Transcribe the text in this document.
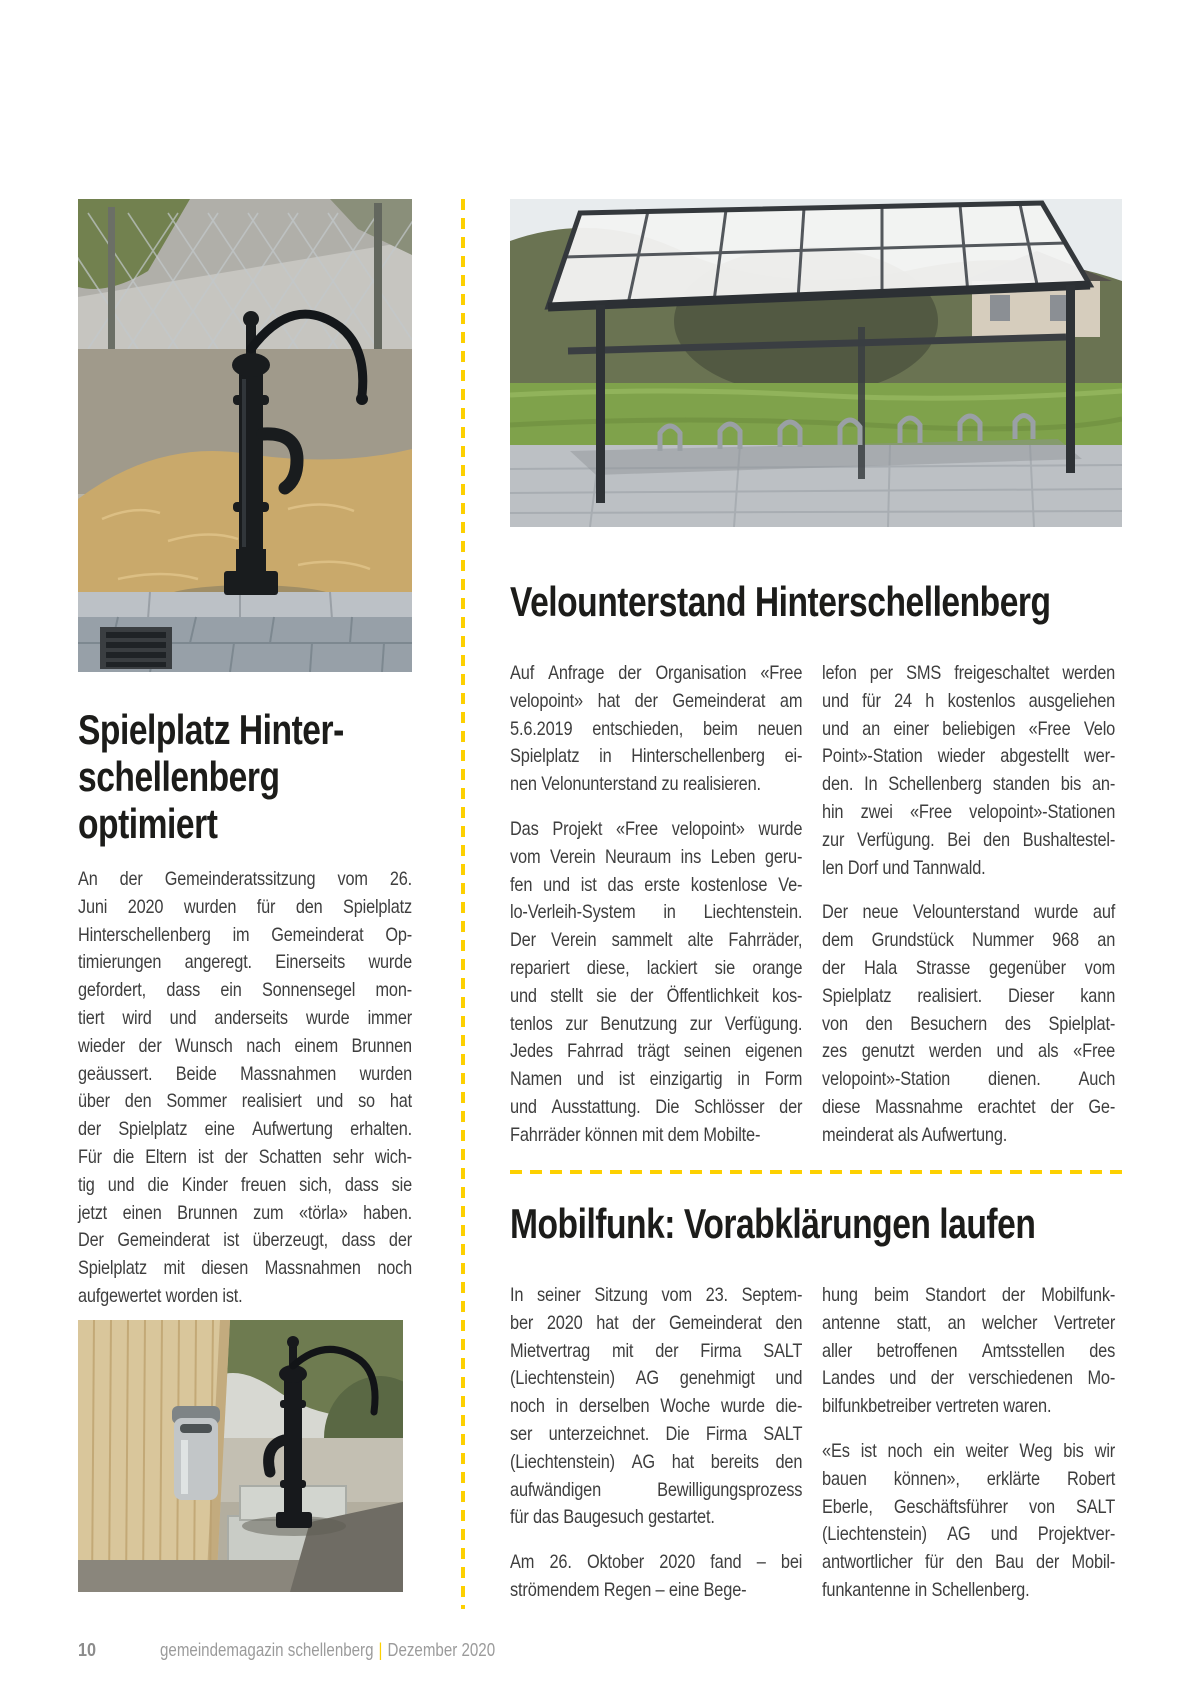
Spielplatz Hinter-
schellenberg
optimiert
An der Gemeinderatssitzung vom 26.
Juni 2020 wurden für den Spielplatz
Hinterschellenberg im Gemeinderat Op-
timierungen angeregt. Einerseits wurde
gefordert, dass ein Sonnensegel mon-
tiert wird und anderseits wurde immer
wieder der Wunsch nach einem Brunnen
geäussert. Beide Massnahmen wurden
über den Sommer realisiert und so hat
der Spielplatz eine Aufwertung erhalten.
Für die Eltern ist der Schatten sehr wich-
tig und die Kinder freuen sich, dass sie
jetzt einen Brunnen zum «törla» haben.
Der Gemeinderat ist überzeugt, dass der
Spielplatz mit diesen Massnahmen noch
aufgewertet worden ist.
Velounterstand Hinterschellenberg
Auf Anfrage der Organisation «Free
velopoint» hat der Gemeinderat am
5.6.2019 entschieden, beim neuen
Spielplatz in Hinterschellenberg ei-
nen Velonunterstand zu realisieren.
Das Projekt «Free velopoint» wurde
vom Verein Neuraum ins Leben geru-
fen und ist das erste kostenlose Ve-
lo-Verleih-System in Liechtenstein.
Der Verein sammelt alte Fahrräder,
repariert diese, lackiert sie orange
und stellt sie der Öffentlichkeit kos-
tenlos zur Benutzung zur Verfügung.
Jedes Fahrrad trägt seinen eigenen
Namen und ist einzigartig in Form
und Ausstattung. Die Schlösser der
Fahrräder können mit dem Mobilte-
lefon per SMS freigeschaltet werden
und für 24 h kostenlos ausgeliehen
und an einer beliebigen «Free Velo
Point»-Station wieder abgestellt wer-
den. In Schellenberg standen bis an-
hin zwei «Free velopoint»-Stationen
zur Verfügung. Bei den Bushaltestel-
len Dorf und Tannwald.
Der neue Velounterstand wurde auf
dem Grundstück Nummer 968 an
der Hala Strasse gegenüber vom
Spielplatz realisiert. Dieser kann
von den Besuchern des Spielplat-
zes genutzt werden und als «Free
velopoint»-Station dienen. Auch
diese Massnahme erachtet der Ge-
meinderat als Aufwertung.
Mobilfunk: Vorabklärungen laufen
In seiner Sitzung vom 23. Septem-
ber 2020 hat der Gemeinderat den
Mietvertrag mit der Firma SALT
(Liechtenstein) AG genehmigt und
noch in derselben Woche wurde die-
ser unterzeichnet. Die Firma SALT
(Liechtenstein) AG hat bereits den
aufwändigen	Bewilligungsprozess
für das Baugesuch gestartet.
Am 26. Oktober 2020 fand – bei
strömendem Regen – eine Bege-
hung beim Standort der Mobilfunk-
antenne statt, an welcher Vertreter
aller betroffenen Amtsstellen des
Landes und der verschiedenen Mo-
bilfunkbetreiber vertreten waren.
«Es ist noch ein weiter Weg bis wir
bauen können», erklärte Robert
Eberle, Geschäftsführer von SALT
(Liechtenstein) AG und Projektver-
antwortlicher für den Bau der Mobil-
funkantenne in Schellenberg.
10	gemeindemagazin schellenberg | Dezember 2020
